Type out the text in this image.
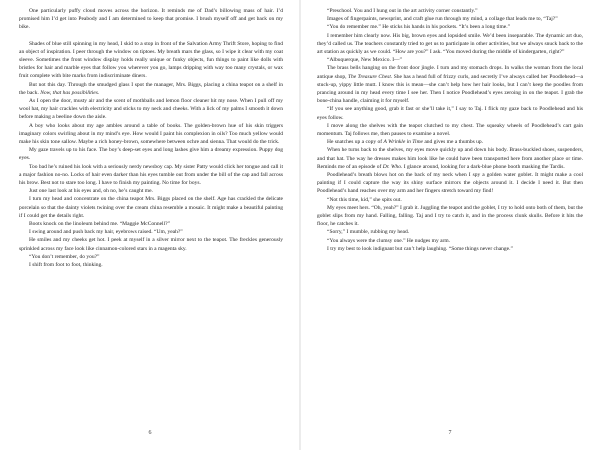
One particularly puffy cloud moves across the horizon. It reminds me of Dad’s billowing mass of hair. I’d promised him I’d get into Peabody and I am determined to keep that promise. I brush myself off and get back on my bike.

Shades of blue still spinning in my head, I skid to a stop in front of the Salvation Army Thrift Store, hoping to find an object of inspiration. I peer through the window on tiptoes. My breath mars the glass, so I wipe it clear with my coat sleeve. Sometimes the front window display holds really unique or funky objects, fun things to paint like dolls with bristles for hair and marble eyes that follow you wherever you go, lamps dripping with way too many crystals, or wax fruit complete with bite marks from indiscriminate diners.

But not this day. Through the smudged glass I spot the manager, Mrs. Biggs, placing a china teapot on a shelf in the back. Now, that has possibilities.

As I open the door, musty air and the scent of mothballs and lemon floor cleaner hit my nose. When I pull off my wool hat, my hair crackles with electricity and sticks to my neck and cheeks. With a lick of my palms I smooth it down before making a beeline down the aisle.

A boy who looks about my age ambles around a table of books. The golden-brown hue of his skin triggers imaginary colors swirling about in my mind’s eye. How would I paint his complexion in oils? Too much yellow would make his skin tone sallow. Maybe a rich honey-brown, somewhere between ochre and sienna. That would do the trick.

My gaze travels up to his face. The boy’s deep-set eyes and long lashes give him a dreamy expression. Puppy dog eyes.

Too bad he’s ruined his look with a seriously nerdy newsboy cap. My sister Patty would click her tongue and call it a major fashion no-no. Locks of hair even darker than his eyes tumble out from under the bill of the cap and fall across his brow. Best not to stare too long. I have to finish my painting. No time for boys.

Just one last look at his eyes and, oh no, he’s caught me.

I turn my head and concentrate on the china teapot Mrs. Biggs placed on the shelf. Age has crackled the delicate porcelain so that the dainty violets twining over the cream china resemble a mosaic. It might make a beautiful painting if I could get the details right.

Boots knock on the linoleum behind me. “Maggie McConnell?”

I swing around and push back my hair, eyebrows raised. “Um, yeah?”

He smiles and my cheeks get hot. I peek at myself in a silver mirror next to the teapot. The freckles generously sprinkled across my face look like cinnamon-colored stars in a magenta sky.

“You don’t remember, do you?”

I shift from foot to foot, thinking.

6

“Preschool. You and I hung out in the art activity corner constantly.”

Images of fingerpaints, newsprint, and craft glue run through my mind, a collage that leads me to, “Taj?”

“You do remember me.” He sticks his hands in his pockets. “It’s been a long time.”

I remember him clearly now. His big, brown eyes and lopsided smile. We’d been inseparable. The dynamic art duo, they’d called us. The teachers constantly tried to get us to participate in other activities, but we always snuck back to the art station as quickly as we could. “How are you?” I ask. “You moved during the middle of kindergarten, right?”

“Albuquerque, New Mexico. I—”

The brass bells hanging on the front door jingle. I turn and my stomach drops. In walks the woman from the local antique shop, The Treasure Chest. She has a head full of frizzy curls, and secretly I’ve always called her Poodlehead—a stuck-up, yippy little mutt. I know this is mean—she can’t help how her hair looks, but I can’t keep the poodles from prancing around in my head every time I see her. Then I notice Poodlehead’s eyes zeroing in on the teapot. I grab the bone-china handle, claiming it for myself.

“If you see anything good, grab it fast or she’ll take it,” I say to Taj. I flick my gaze back to Poodlehead and his eyes follow.

I move along the shelves with the teapot clutched to my chest. The squeaky wheels of Poodlehead’s cart gain momentum. Taj follows me, then pauses to examine a novel.

He snatches up a copy of A Wrinkle in Time and gives me a thumbs up.

When he turns back to the shelves, my eyes move quickly up and down his body. Brass-buckled shoes, suspenders, and that hat. The way he dresses makes him look like he could have been transported here from another place or time. Reminds me of an episode of Dr. Who. I glance around, looking for a dark-blue phone booth masking the Tardis.

Poodlehead’s breath blows hot on the back of my neck when I spy a golden water goblet. It might make a cool painting if I could capture the way its shiny surface mirrors the objects around it. I decide I need it. But then Poodlehead’s hand reaches over my arm and her fingers stretch toward my find!

“Not this time, kid,” she spits out.

My eyes meet hers. “Oh, yeah?” I grab it. Juggling the teapot and the goblet, I try to hold onto both of them, but the goblet slips from my hand. Falling, falling. Taj and I try to catch it, and in the process clunk skulls. Before it hits the floor, he catches it.

“Sorry,” I mumble, rubbing my head.

“You always were the clumsy one.” He nudges my arm.

I try my best to look indignant but can’t help laughing. “Some things never change.”

7
